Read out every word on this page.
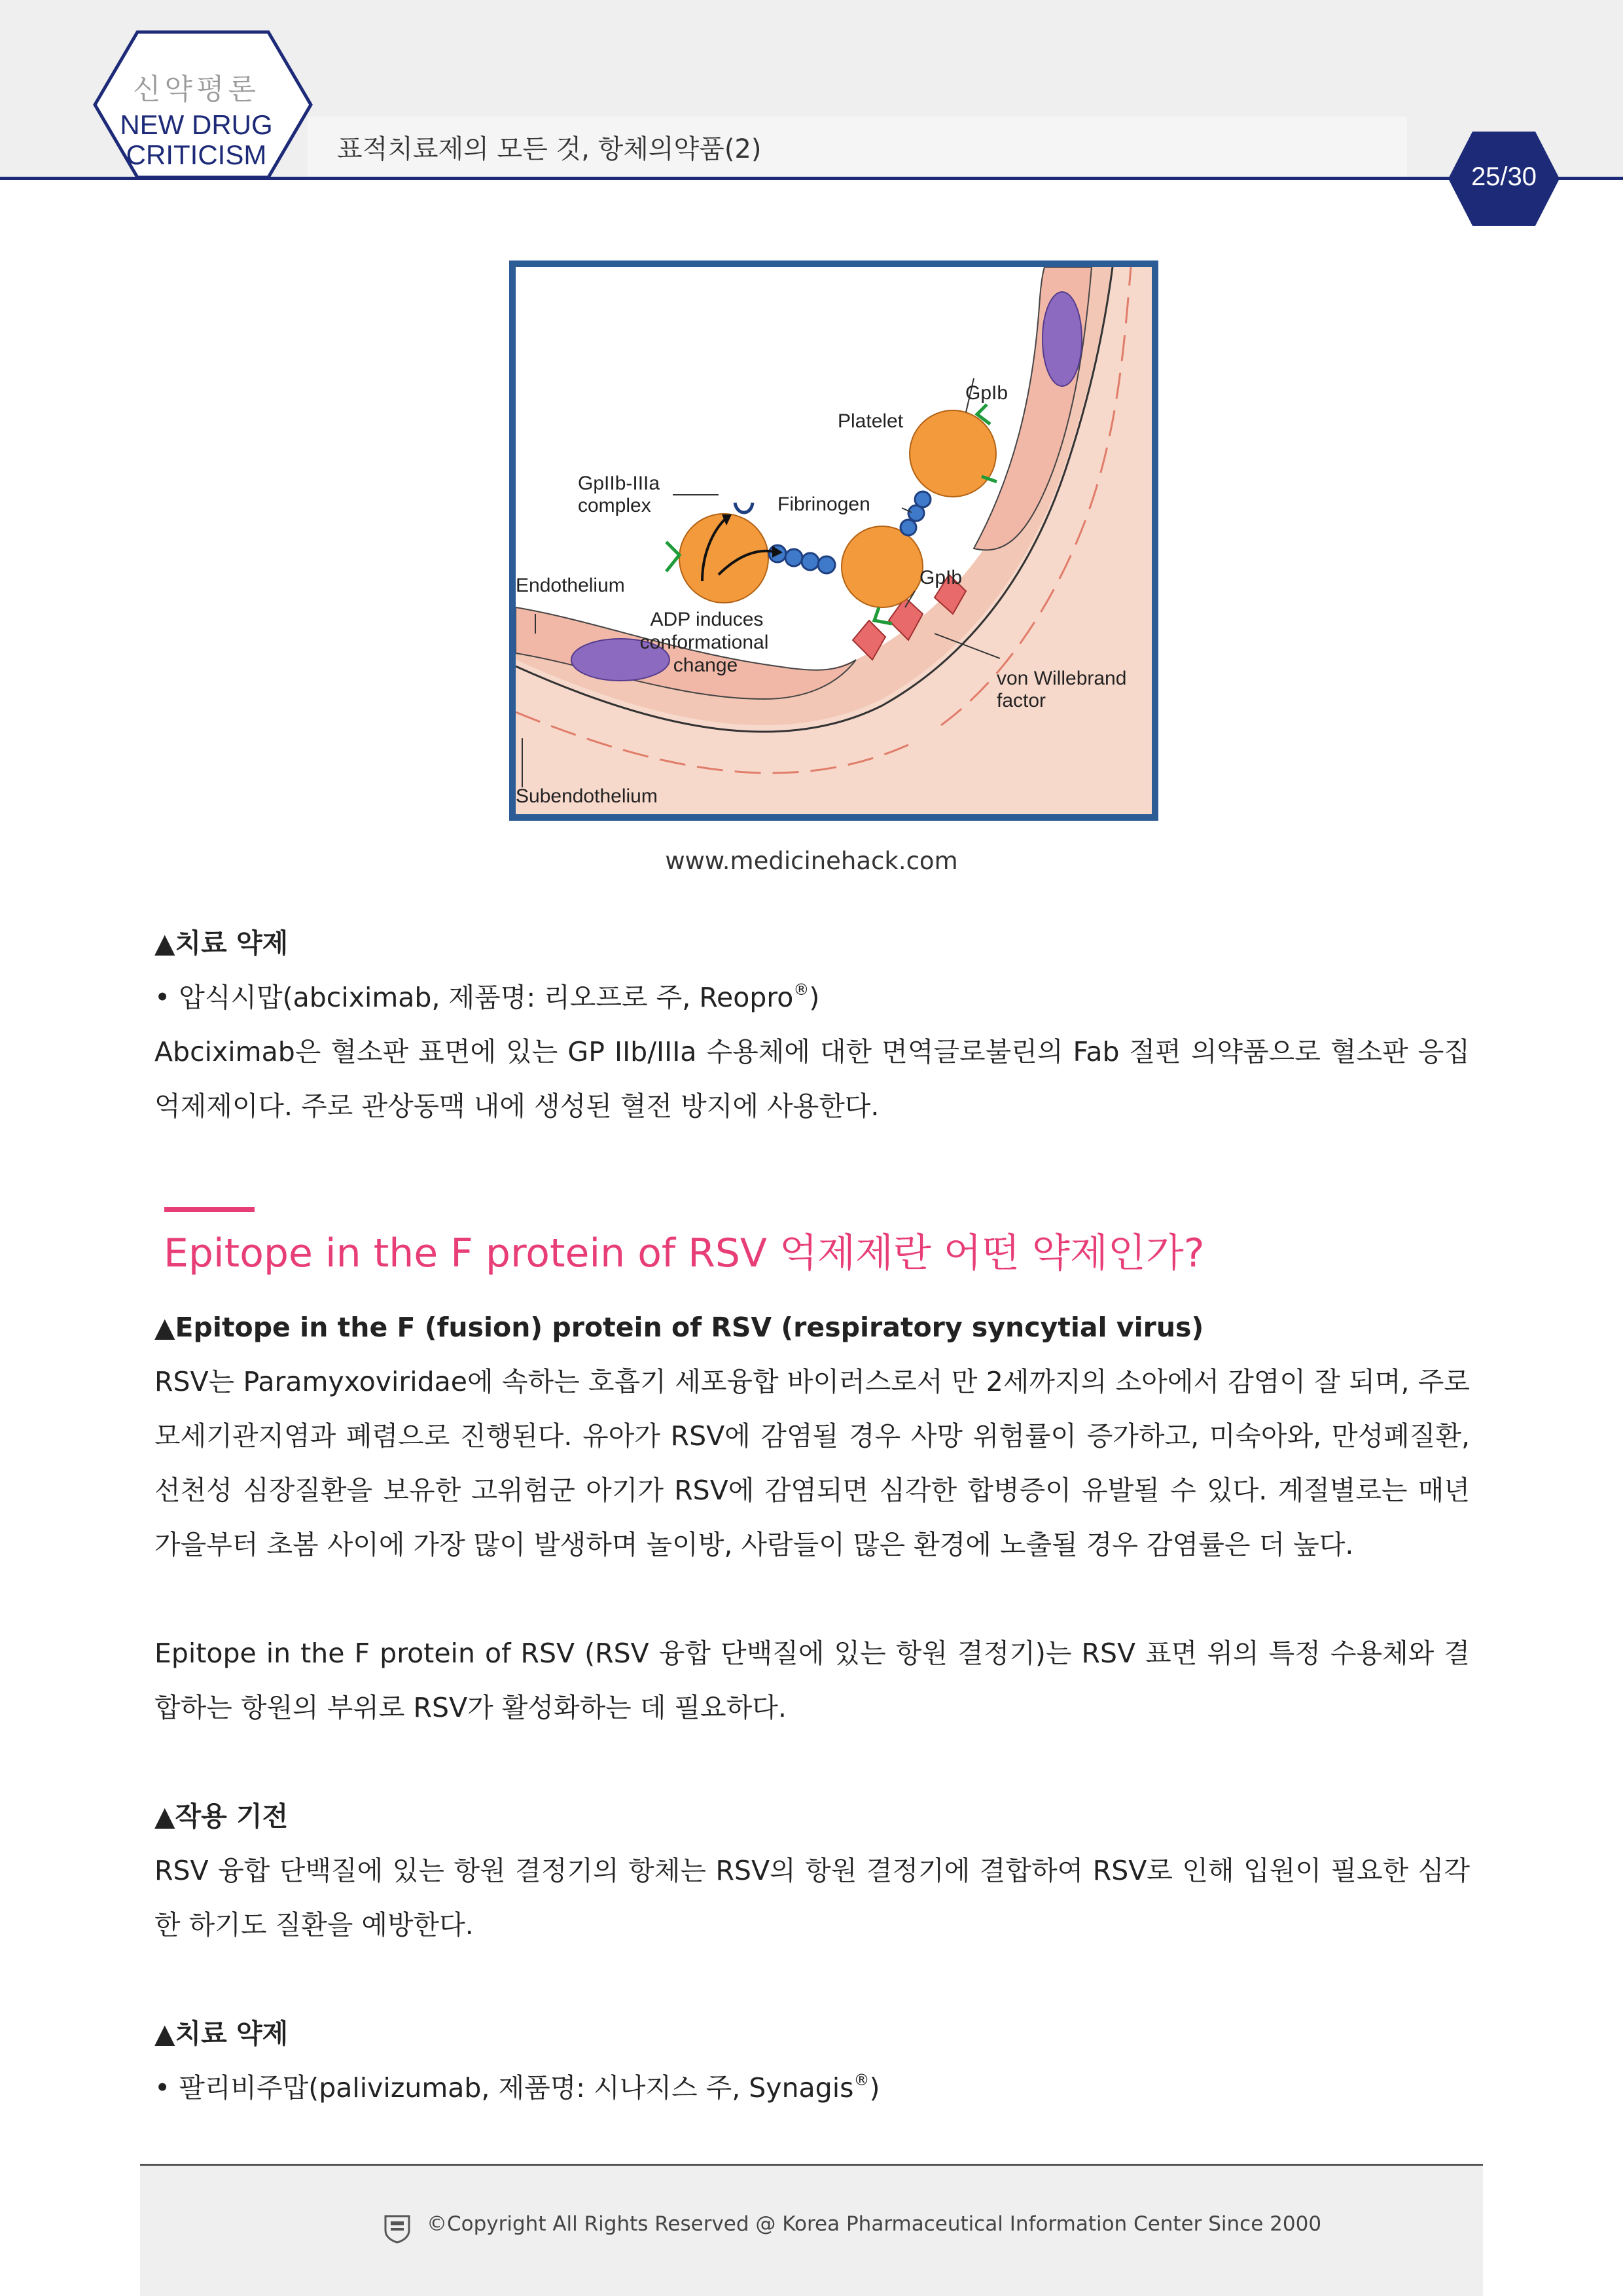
신약평론
NEW DRUG
CRITICISM	표적치료제의 모든 것, 항체의약품(2)
25/30
GpIIb-IIIa
complex
Platelet
GpIb
Fibrinogen
GpIb
Endothelium
ADP induces
conformational
change
von Willebrand
factor
Subendothelium
www.medicinehack.com
▲치료 약제
• 압식시맙(abciximab, 제품명: 리오프로 주, Reopro®)
Abciximab은 혈소판 표면에 있는 GP IIb/IIIa 수용체에 대한 면역글로불린의 Fab 절편 의약품으로 혈소판 응집 억제제이다. 주로 관상동맥 내에 생성된 혈전 방지에 사용한다.
Epitope in the F protein of RSV 억제제란 어떤 약제인가?
▲Epitope in the F (fusion) protein of RSV (respiratory syncytial virus)
RSV는 Paramyxoviridae에 속하는 호흡기 세포융합 바이러스로서 만 2세까지의 소아에서 감염이 잘 되며, 주로 모세기관지염과 폐렴으로 진행된다. 유아가 RSV에 감염될 경우 사망 위험률이 증가하고, 미숙아와, 만성폐질환, 선천성 심장질환을 보유한 고위험군 아기가 RSV에 감염되면 심각한 합병증이 유발될 수 있다. 계절별로는 매년 가을부터 초봄 사이에 가장 많이 발생하며 놀이방, 사람들이 많은 환경에 노출될 경우 감염률은 더 높다.
Epitope in the F protein of RSV (RSV 융합 단백질에 있는 항원 결정기)는 RSV 표면 위의 특정 수용체와 결합하는 항원의 부위로 RSV가 활성화하는 데 필요하다.
▲작용 기전
RSV 융합 단백질에 있는 항원 결정기의 항체는 RSV의 항원 결정기에 결합하여 RSV로 인해 입원이 필요한 심각한 하기도 질환을 예방한다.
▲치료 약제
• 팔리비주맙(palivizumab, 제품명: 시나지스 주, Synagis®)
©Copyright All Rights Reserved @ Korea Pharmaceutical Information Center Since 2000
